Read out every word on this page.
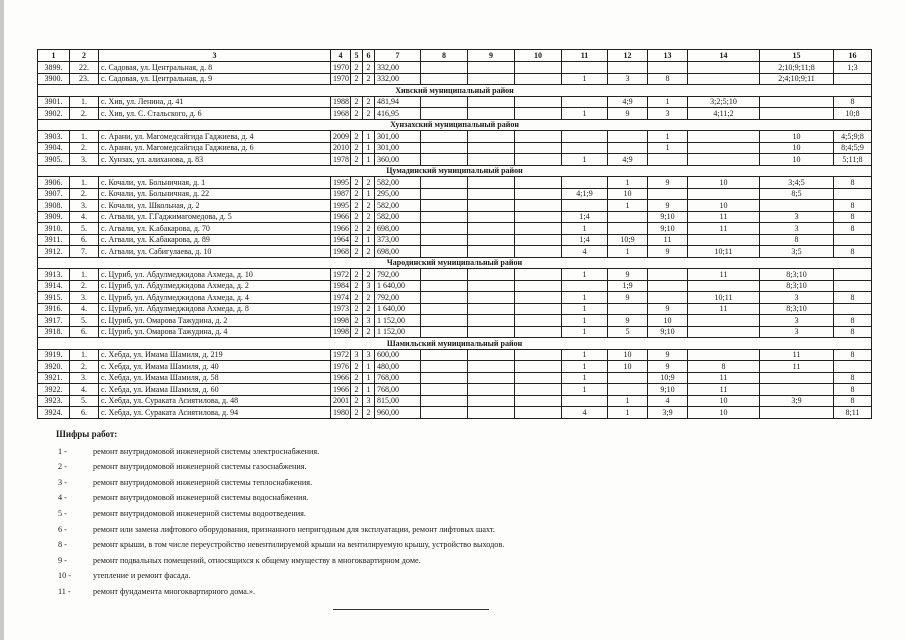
1	2	3	4	5	6	7	8	9	10	11	12	13	14	15	16
3899.	22.	с. Садовая, ул. Центральная, д. 8	1970	2	2	332,00								2;10;9;11;8	1;3
3900.	23.	с. Садовая, ул. Центральная, д. 9	1970	2	2	332,00				1	3	8		2;4;10;9;11	
Хивский муниципальный район															
3901.	1.	с. Хив, ул. Ленина, д. 41	1988	2	2	481,94					4;9	1	3;2;5;10		8
3902.	2.	с. Хив, ул. С. Стальского, д. 6	1968	2	2	416,95				1	9	3	4;11;2		10;8
Хунзахский муниципальный район															
3903.	1.	с. Арани, ул. Магомедсайгида Гаджиева, д. 4	2009	2	1	301,00						1		10	4;5;9;8
3904.	2.	с. Арани, ул. Магомедсайгида Гаджиева, д. 6	2010	2	1	301,00						1		10	8;4;5;9
3905.	3.	с. Хунзах, ул. алиханова, д. 83	1978	2	1	360,00				1	4;9			10	5;11;8
Цумадинский муниципальный район															
3906.	1.	с. Кочали, ул. Больничная, д. 1	1995	2	2	582,00					1	9	10	3;4;5	8
3907.	2.	с. Кочали, ул. Больничная, д. 22	1987	2	1	295,00				4;1;9	10			8;5	
3908.	3.	с. Кочали, ул. Школьная, д. 2	1995	2	2	582,00					1	9	10		8
3909.	4.	с. Агвали, ул. Г.Гаджимагомедова, д. 5	1966	2	2	582,00				1;4		9;10	11	3	8
3910.	5.	с. Агвали, ул. К.абакарова, д. 70	1966	2	2	698,00				1		9;10	11	3	8
3911.	6.	с. Агвали, ул. К.абакарова, д. 89	1964	2	1	373,00				1;4	10;9	11		8	
3912.	7.	с. Агвали, ул. Сабигулаева, д. 10	1968	2	2	698,00				4	1	9	10;11	3;5	8
Чародинский муниципальный район															
3913.	1.	с. Цуриб, ул. Абдулмеджидова Ахмеда, д. 10	1972	2	2	792,00				1	9		11	8;3;10	
3914.	2.	с. Цуриб, ул. Абдулмеджидова Ахмеда, д. 2	1984	2	3	1 640,00					1;9			8;3;10	
3915.	3.	с. Цуриб, ул. Абдулмеджидова Ахмеда, д. 4	1974	2	2	792,00				1	9		10;11	3	8
3916.	4.	с. Цуриб, ул. Абдулмеджидова Ахмеда, д. 8	1973	2	2	1 640,00				1		9	11	8;3;10	
3917.	5.	с. Цуриб, ул. Омарова Тажудина, д. 2	1998	2	3	1 152,00				1	9	10		3	8
3918.	6.	с. Цуриб, ул. Омарова Тажудина, д. 4	1998	2	2	1 152,00				1	5	9;10		3	8
Шамильский муниципальный район															
3919.	1.	с. Хебда, ул. Имама Шамиля, д. 219	1972	3	3	600,00				1	10	9		11	8
3920.	2.	с. Хебда, ул. Имама Шамиля, д. 40	1976	2	1	480,00				1	10	9	8	11	
3921.	3.	с. Хебда, ул. Имама Шамиля, д. 58	1966	2	1	768,00				1		10;9	11		8
3922.	4.	с. Хебда, ул. Имама Шамиля, д. 60	1966	2	1	768,00				1		9;10	11		8
3923.	5.	с. Хебда, ул. Сураката Асиятилова, д. 48	2001	2	3	815,00					1	4	10	3;9	8
3924.	6.	с. Хебда, ул. Сураката Асиятилова, д. 94	1980	2	2	960,00				4	1	3;9	10		8;11
Шифры работ:
1 -	ремонт внутридомовой инженерной системы электроснабжения.
2 -	ремонт внутридомовой инженерной системы газоснабжения.
3 -	ремонт внутридомовой инженерной системы теплоснабжения.
4 -	ремонт внутридомовой инженерной системы водоснабжения.
5 -	ремонт внутридомовой инженерной системы водоотведения.
6 -	ремонт или замена лифтового оборудования, признанного непригодным для эксплуатации, ремонт лифтовых шахт.
8 -	ремонт крыши, в том числе переустройство невентилируемой крыши на вентилируемую крышу, устройство выходов.
9 -	ремонт подвальных помещений, относящихся к общему имуществу в многоквартирном доме.
10 -	утепление и ремонт фасада.
11 -	ремонт фундамента многоквартирного дома.».
